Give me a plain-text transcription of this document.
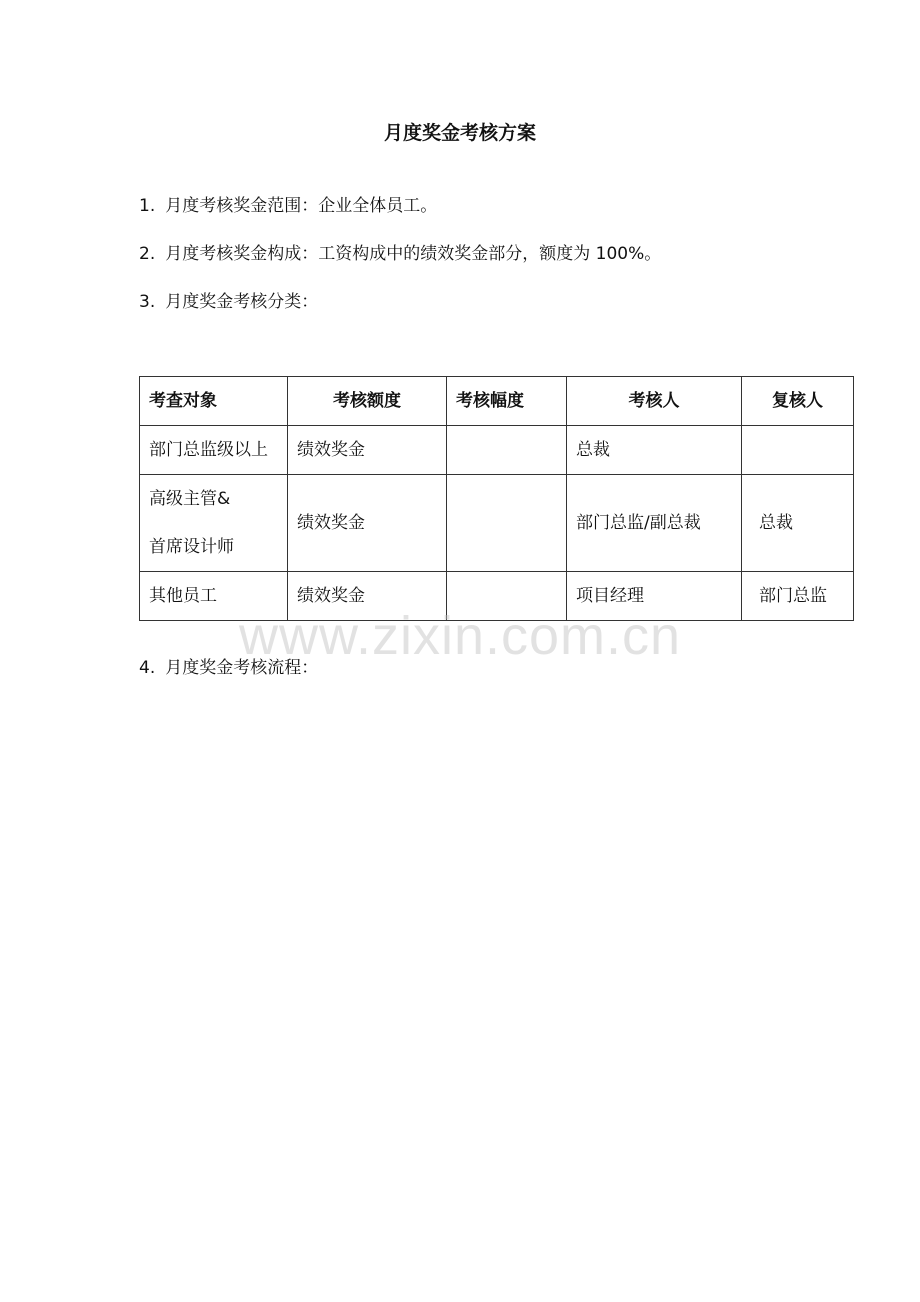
月度奖金考核方案
1. 月度考核奖金范围：企业全体员工。
2. 月度考核奖金构成：工资构成中的绩效奖金部分，额度为 100%。
3. 月度奖金考核分类：
考查对象	考核额度	考核幅度	考核人	复核人
部门总监级以上	绩效奖金		总裁	

高级主管&
首席设计师	绩效奖金		部门总监/副总裁	总裁
其他员工	绩效奖金		项目经理	部门总监
www.zixin.com.cn
4. 月度奖金考核流程：
